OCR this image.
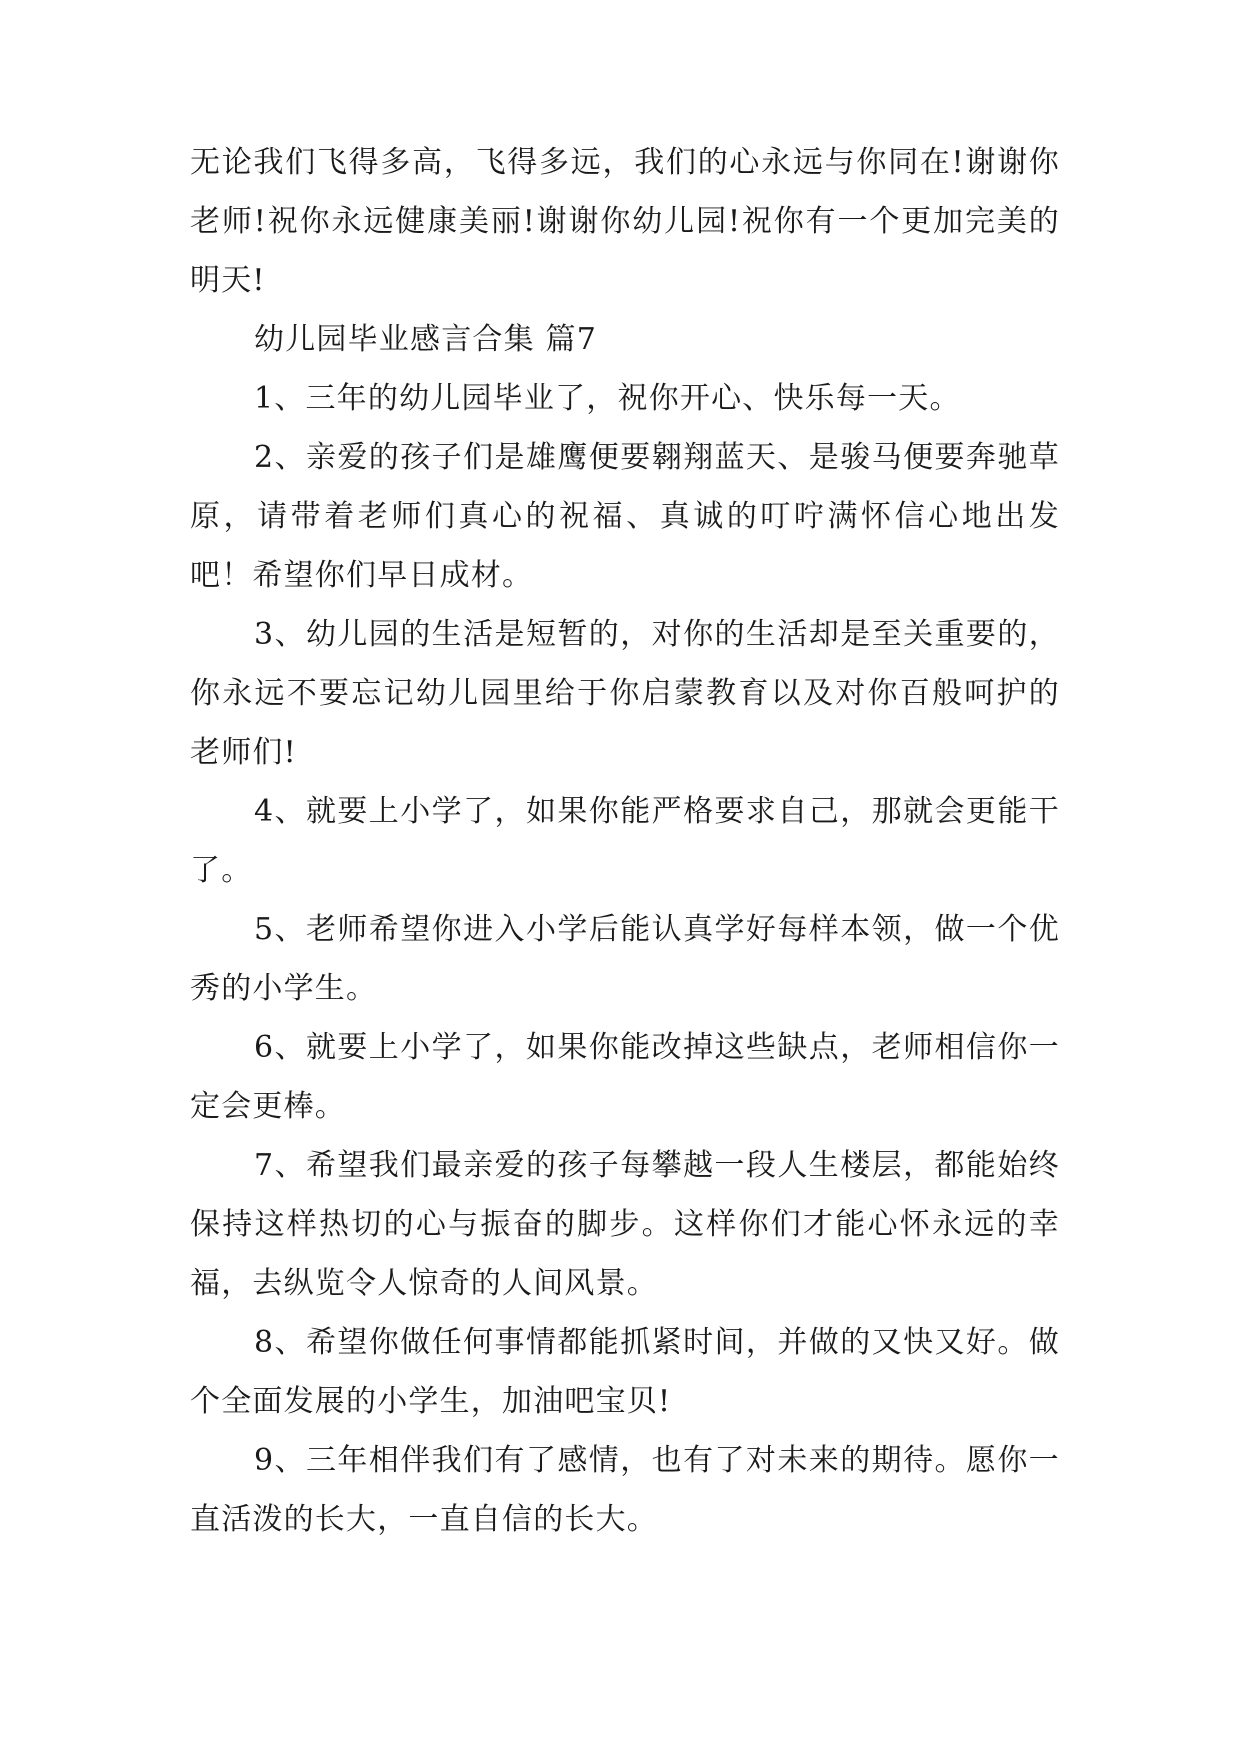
无论我们飞得多高，飞得多远，我们的心永远与你同在!谢谢你老师!祝你永远健康美丽!谢谢你幼儿园!祝你有一个更加完美的明天!

幼儿园毕业感言合集 篇7

1、三年的幼儿园毕业了，祝你开心、快乐每一天。

2、亲爱的孩子们是雄鹰便要翱翔蓝天、是骏马便要奔驰草原，请带着老师们真心的祝福、真诚的叮咛满怀信心地出发吧！希望你们早日成材。

3、幼儿园的生活是短暂的，对你的生活却是至关重要的，你永远不要忘记幼儿园里给于你启蒙教育以及对你百般呵护的老师们!

4、就要上小学了，如果你能严格要求自己，那就会更能干了。

5、老师希望你进入小学后能认真学好每样本领，做一个优秀的小学生。

6、就要上小学了，如果你能改掉这些缺点，老师相信你一定会更棒。

7、希望我们最亲爱的孩子每攀越一段人生楼层，都能始终保持这样热切的心与振奋的脚步。这样你们才能心怀永远的幸福，去纵览令人惊奇的人间风景。

8、希望你做任何事情都能抓紧时间，并做的又快又好。做个全面发展的小学生，加油吧宝贝!

9、三年相伴我们有了感情，也有了对未来的期待。愿你一直活泼的长大，一直自信的长大。
